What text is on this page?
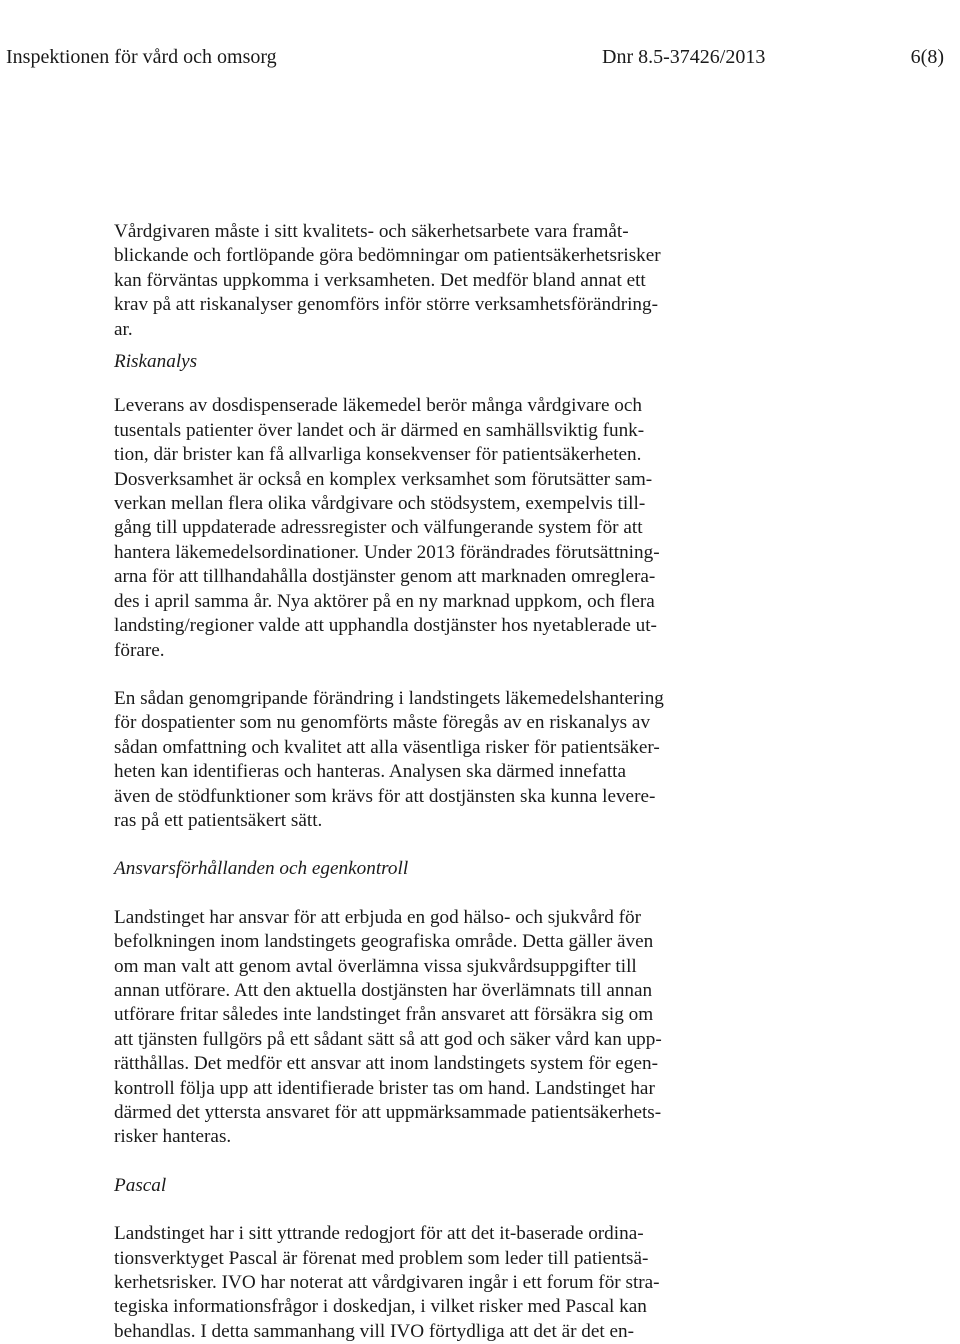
Inspektionen för vård och omsorg	Dnr 8.5-37426/2013	6(8)

Vårdgivaren måste i sitt kvalitets- och säkerhetsarbete vara framåt-
blickande och fortlöpande göra bedömningar om patientsäkerhetsrisker
kan förväntas uppkomma i verksamheten. Det medför bland annat ett
krav på att riskanalyser genomförs inför större verksamhetsförändring-
ar.

Riskanalys

Leverans av dosdispenserade läkemedel berör många vårdgivare och
tusentals patienter över landet och är därmed en samhällsviktig funk-
tion, där brister kan få allvarliga konsekvenser för patientsäkerheten.
Dosverksamhet är också en komplex verksamhet som förutsätter sam-
verkan mellan flera olika vårdgivare och stödsystem, exempelvis till-
gång till uppdaterade adressregister och välfungerande system för att
hantera läkemedelsordinationer. Under 2013 förändrades förutsättning-
arna för att tillhandahålla dostjänster genom att marknaden omreglera-
des i april samma år. Nya aktörer på en ny marknad uppkom, och flera
landsting/regioner valde att upphandla dostjänster hos nyetablerade ut-
förare.

En sådan genomgripande förändring i landstingets läkemedelshantering
för dospatienter som nu genomförts måste föregås av en riskanalys av
sådan omfattning och kvalitet att alla väsentliga risker för patientsäker-
heten kan identifieras och hanteras. Analysen ska därmed innefatta
även de stödfunktioner som krävs för att dostjänsten ska kunna levere-
ras på ett patientsäkert sätt.

Ansvarsförhållanden och egenkontroll

Landstinget har ansvar för att erbjuda en god hälso- och sjukvård för
befolkningen inom landstingets geografiska område. Detta gäller även
om man valt att genom avtal överlämna vissa sjukvårdsuppgifter till
annan utförare. Att den aktuella dostjänsten har överlämnats till annan
utförare fritar således inte landstinget från ansvaret att försäkra sig om
att tjänsten fullgörs på ett sådant sätt så att god och säker vård kan upp-
rätthållas. Det medför ett ansvar att inom landstingets system för egen-
kontroll följa upp att identifierade brister tas om hand. Landstinget har
därmed det yttersta ansvaret för att uppmärksammade patientsäkerhets-
risker hanteras.

Pascal

Landstinget har i sitt yttrande redogjort för att det it-baserade ordina-
tionsverktyget Pascal är förenat med problem som leder till patientsä-
kerhetsrisker. IVO har noterat att vårdgivaren ingår i ett forum för stra-
tegiska informationsfrågor i doskedjan, i vilket risker med Pascal kan
behandlas. I detta sammanhang vill IVO förtydliga att det är det en-
